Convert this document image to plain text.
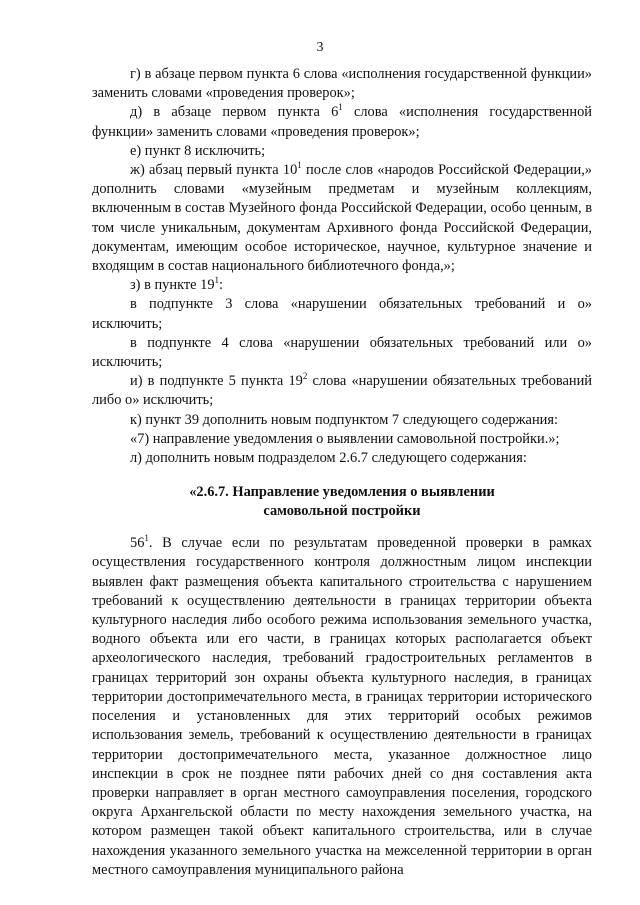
3

г) в абзаце первом пункта 6 слова «исполнения государственной функции» заменить словами «проведения проверок»;

д) в абзаце первом пункта $6^1$ слова «исполнения государственной функции» заменить словами «проведения проверок»;

е) пункт 8 исключить;

ж) абзац первый пункта $10^1$ после слов «народов Российской Федерации,» дополнить словами «музейным предметам и музейным коллекциям, включенным в состав Музейного фонда Российской Федерации, особо ценным, в том числе уникальным, документам Архивного фонда Российской Федерации, документам, имеющим особое историческое, научное, культурное значение и входящим в состав национального библиотечного фонда,»;

з) в пункте $19^1$:

в подпункте 3 слова «нарушении обязательных требований и о» исключить;

в подпункте 4 слова «нарушении обязательных требований или о» исключить;

и) в подпункте 5 пункта $19^2$ слова «нарушении обязательных требований либо о» исключить;

к) пункт 39 дополнить новым подпунктом 7 следующего содержания:

«7) направление уведомления о выявлении самовольной постройки.»;

л) дополнить новым подразделом 2.6.7 следующего содержания:

«2.6.7. Направление уведомления о выявлении
самовольной постройки

$56^1$. В случае если по результатам проведенной проверки в рамках осуществления государственного контроля должностным лицом инспекции выявлен факт размещения объекта капитального строительства с нарушением требований к осуществлению деятельности в границах территории объекта культурного наследия либо особого режима использования земельного участка, водного объекта или его части, в границах которых располагается объект археологического наследия, требований градостроительных регламентов в границах территорий зон охраны объекта культурного наследия, в границах территории достопримечательного места, в границах территории исторического поселения и установленных для этих территорий особых режимов использования земель, требований к осуществлению деятельности в границах территории достопримечательного места, указанное должностное лицо инспекции в срок не позднее пяти рабочих дней со дня составления акта проверки направляет в орган местного самоуправления поселения, городского округа Архангельской области по месту нахождения земельного участка, на котором размещен такой объект капитального строительства, или в случае нахождения указанного земельного участка на межселенной территории в орган местного самоуправления муниципального района
